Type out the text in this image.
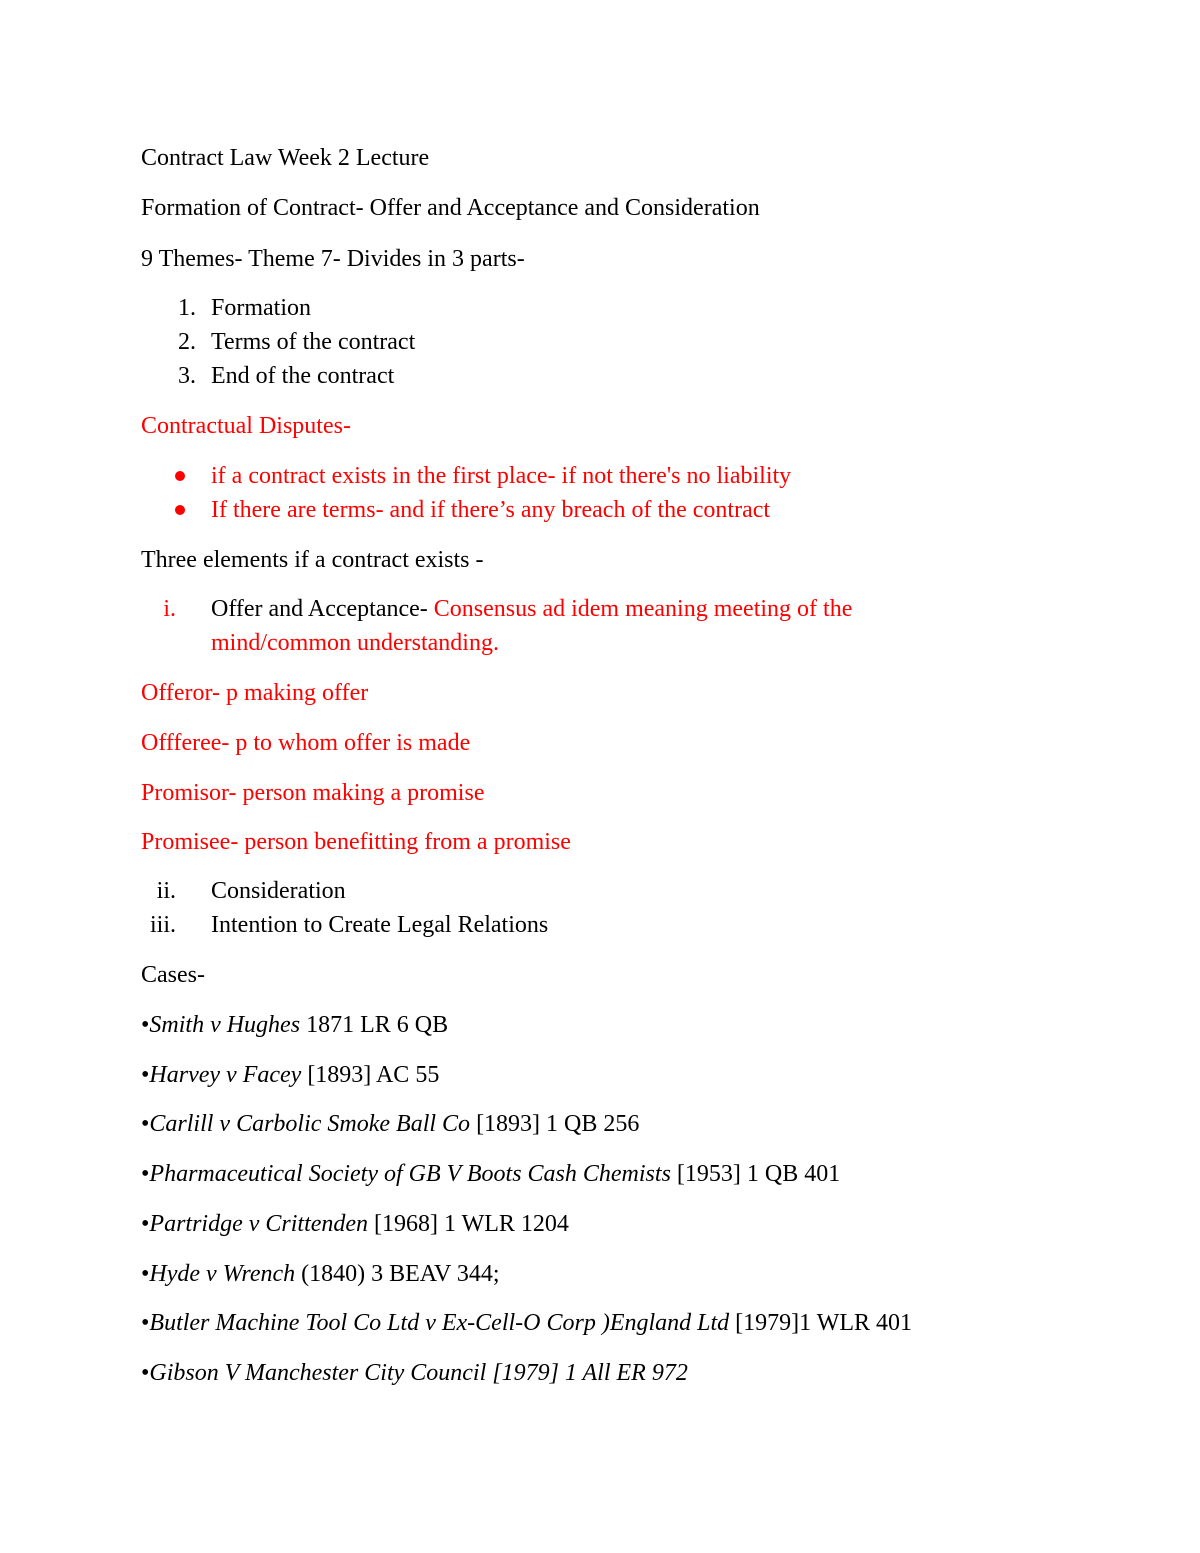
Contract Law Week 2 Lecture
Formation of Contract- Offer and Acceptance and Consideration
9 Themes- Theme 7- Divides in 3 parts-
1. Formation
2. Terms of the contract
3. End of the contract
Contractual Disputes-
if a contract exists in the first place- if not there's no liability
If there are terms- and if there’s any breach of the contract
Three elements if a contract exists -
i. Offer and Acceptance- Consensus ad idem meaning meeting of the
mind/common understanding.
Offeror- p making offer
Offferee- p to whom offer is made
Promisor- person making a promise
Promisee- person benefitting from a promise
ii. Consideration
iii. Intention to Create Legal Relations
Cases-
•Smith v Hughes 1871 LR 6 QB
•Harvey v Facey [1893] AC 55
•Carlill v Carbolic Smoke Ball Co [1893] 1 QB 256
•Pharmaceutical Society of GB V Boots Cash Chemists [1953] 1 QB 401
•Partridge v Crittenden [1968] 1 WLR 1204
•Hyde v Wrench (1840) 3 BEAV 344;
•Butler Machine Tool Co Ltd v Ex-Cell-O Corp )England Ltd [1979]1 WLR 401
•Gibson V Manchester City Council [1979] 1 All ER 972
